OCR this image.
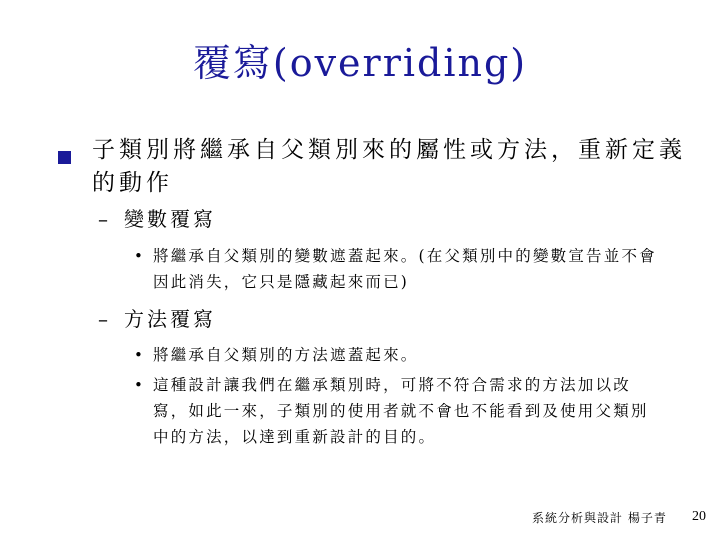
覆寫(overriding)
子類別將繼承自父類別來的屬性或方法，重新定義的動作
– 變數覆寫
• 將繼承自父類別的變數遮蓋起來。(在父類別中的變數宣告並不會因此消失，它只是隱藏起來而已)
– 方法覆寫
• 將繼承自父類別的方法遮蓋起來。
• 這種設計讓我們在繼承類別時，可將不符合需求的方法加以改寫，如此一來，子類別的使用者就不會也不能看到及使用父類別中的方法，以達到重新設計的目的。
系統分析與設計 楊子青 20
